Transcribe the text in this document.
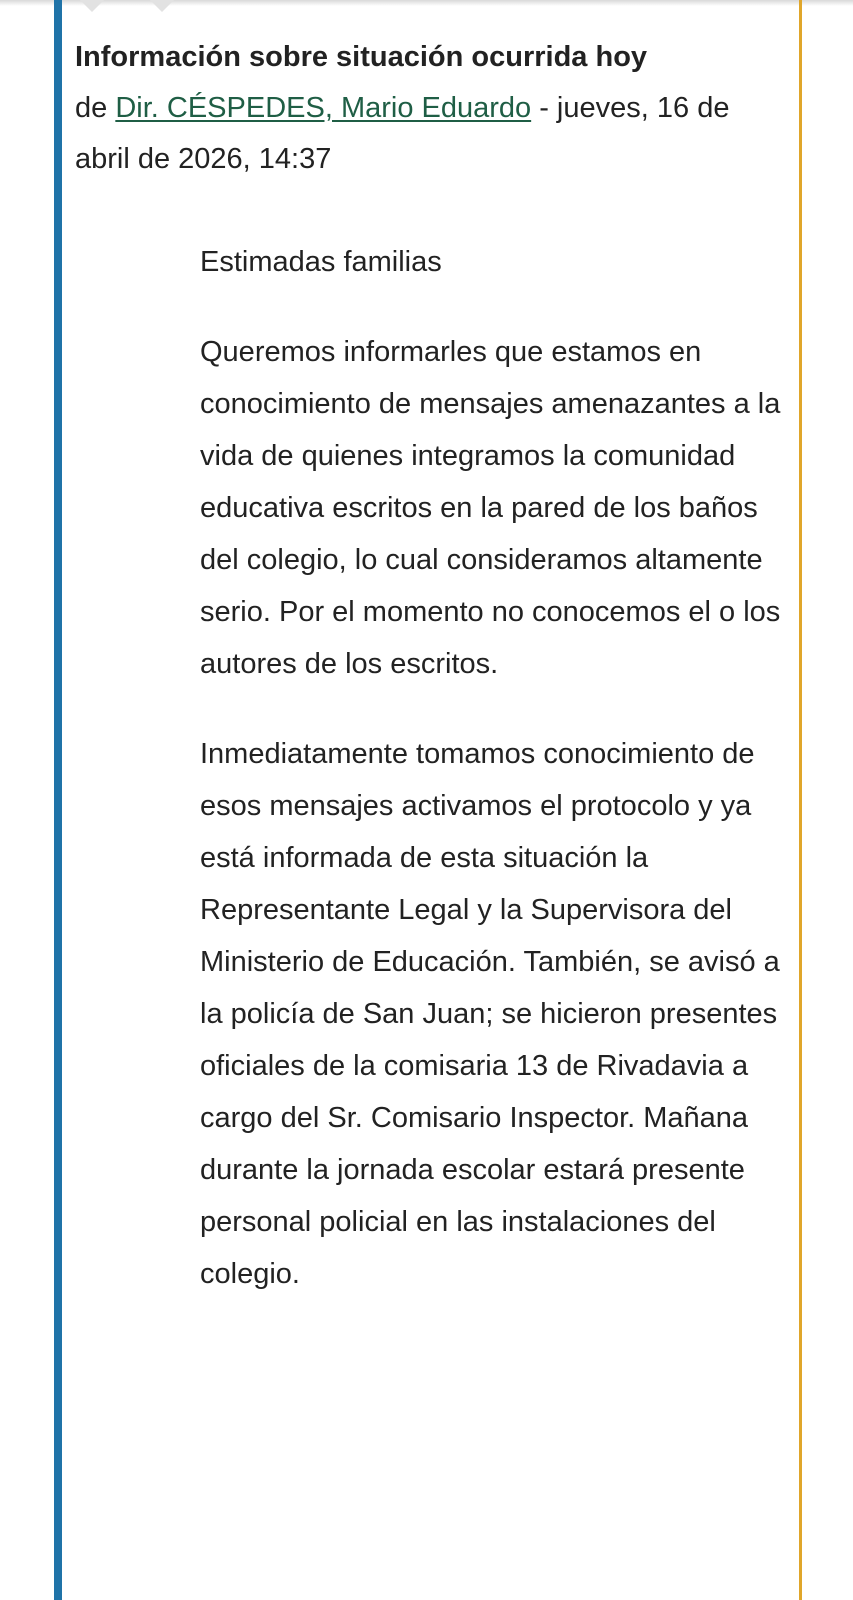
Información sobre situación ocurrida hoy
de Dir. CÉSPEDES, Mario Eduardo - jueves, 16 de abril de 2026, 14:37

Estimadas familias

Queremos informarles que estamos en conocimiento de mensajes amenazantes a la vida de quienes integramos la comunidad educativa escritos en la pared de los baños del colegio, lo cual consideramos altamente serio. Por el momento no conocemos el o los autores de los escritos.

Inmediatamente tomamos conocimiento de esos mensajes activamos el protocolo y ya está informada de esta situación la Representante Legal y la Supervisora del Ministerio de Educación. También, se avisó a la policía de San Juan; se hicieron presentes oficiales de la comisaria 13 de Rivadavia a cargo del Sr. Comisario Inspector. Mañana durante la jornada escolar estará presente personal policial en las instalaciones del colegio.
